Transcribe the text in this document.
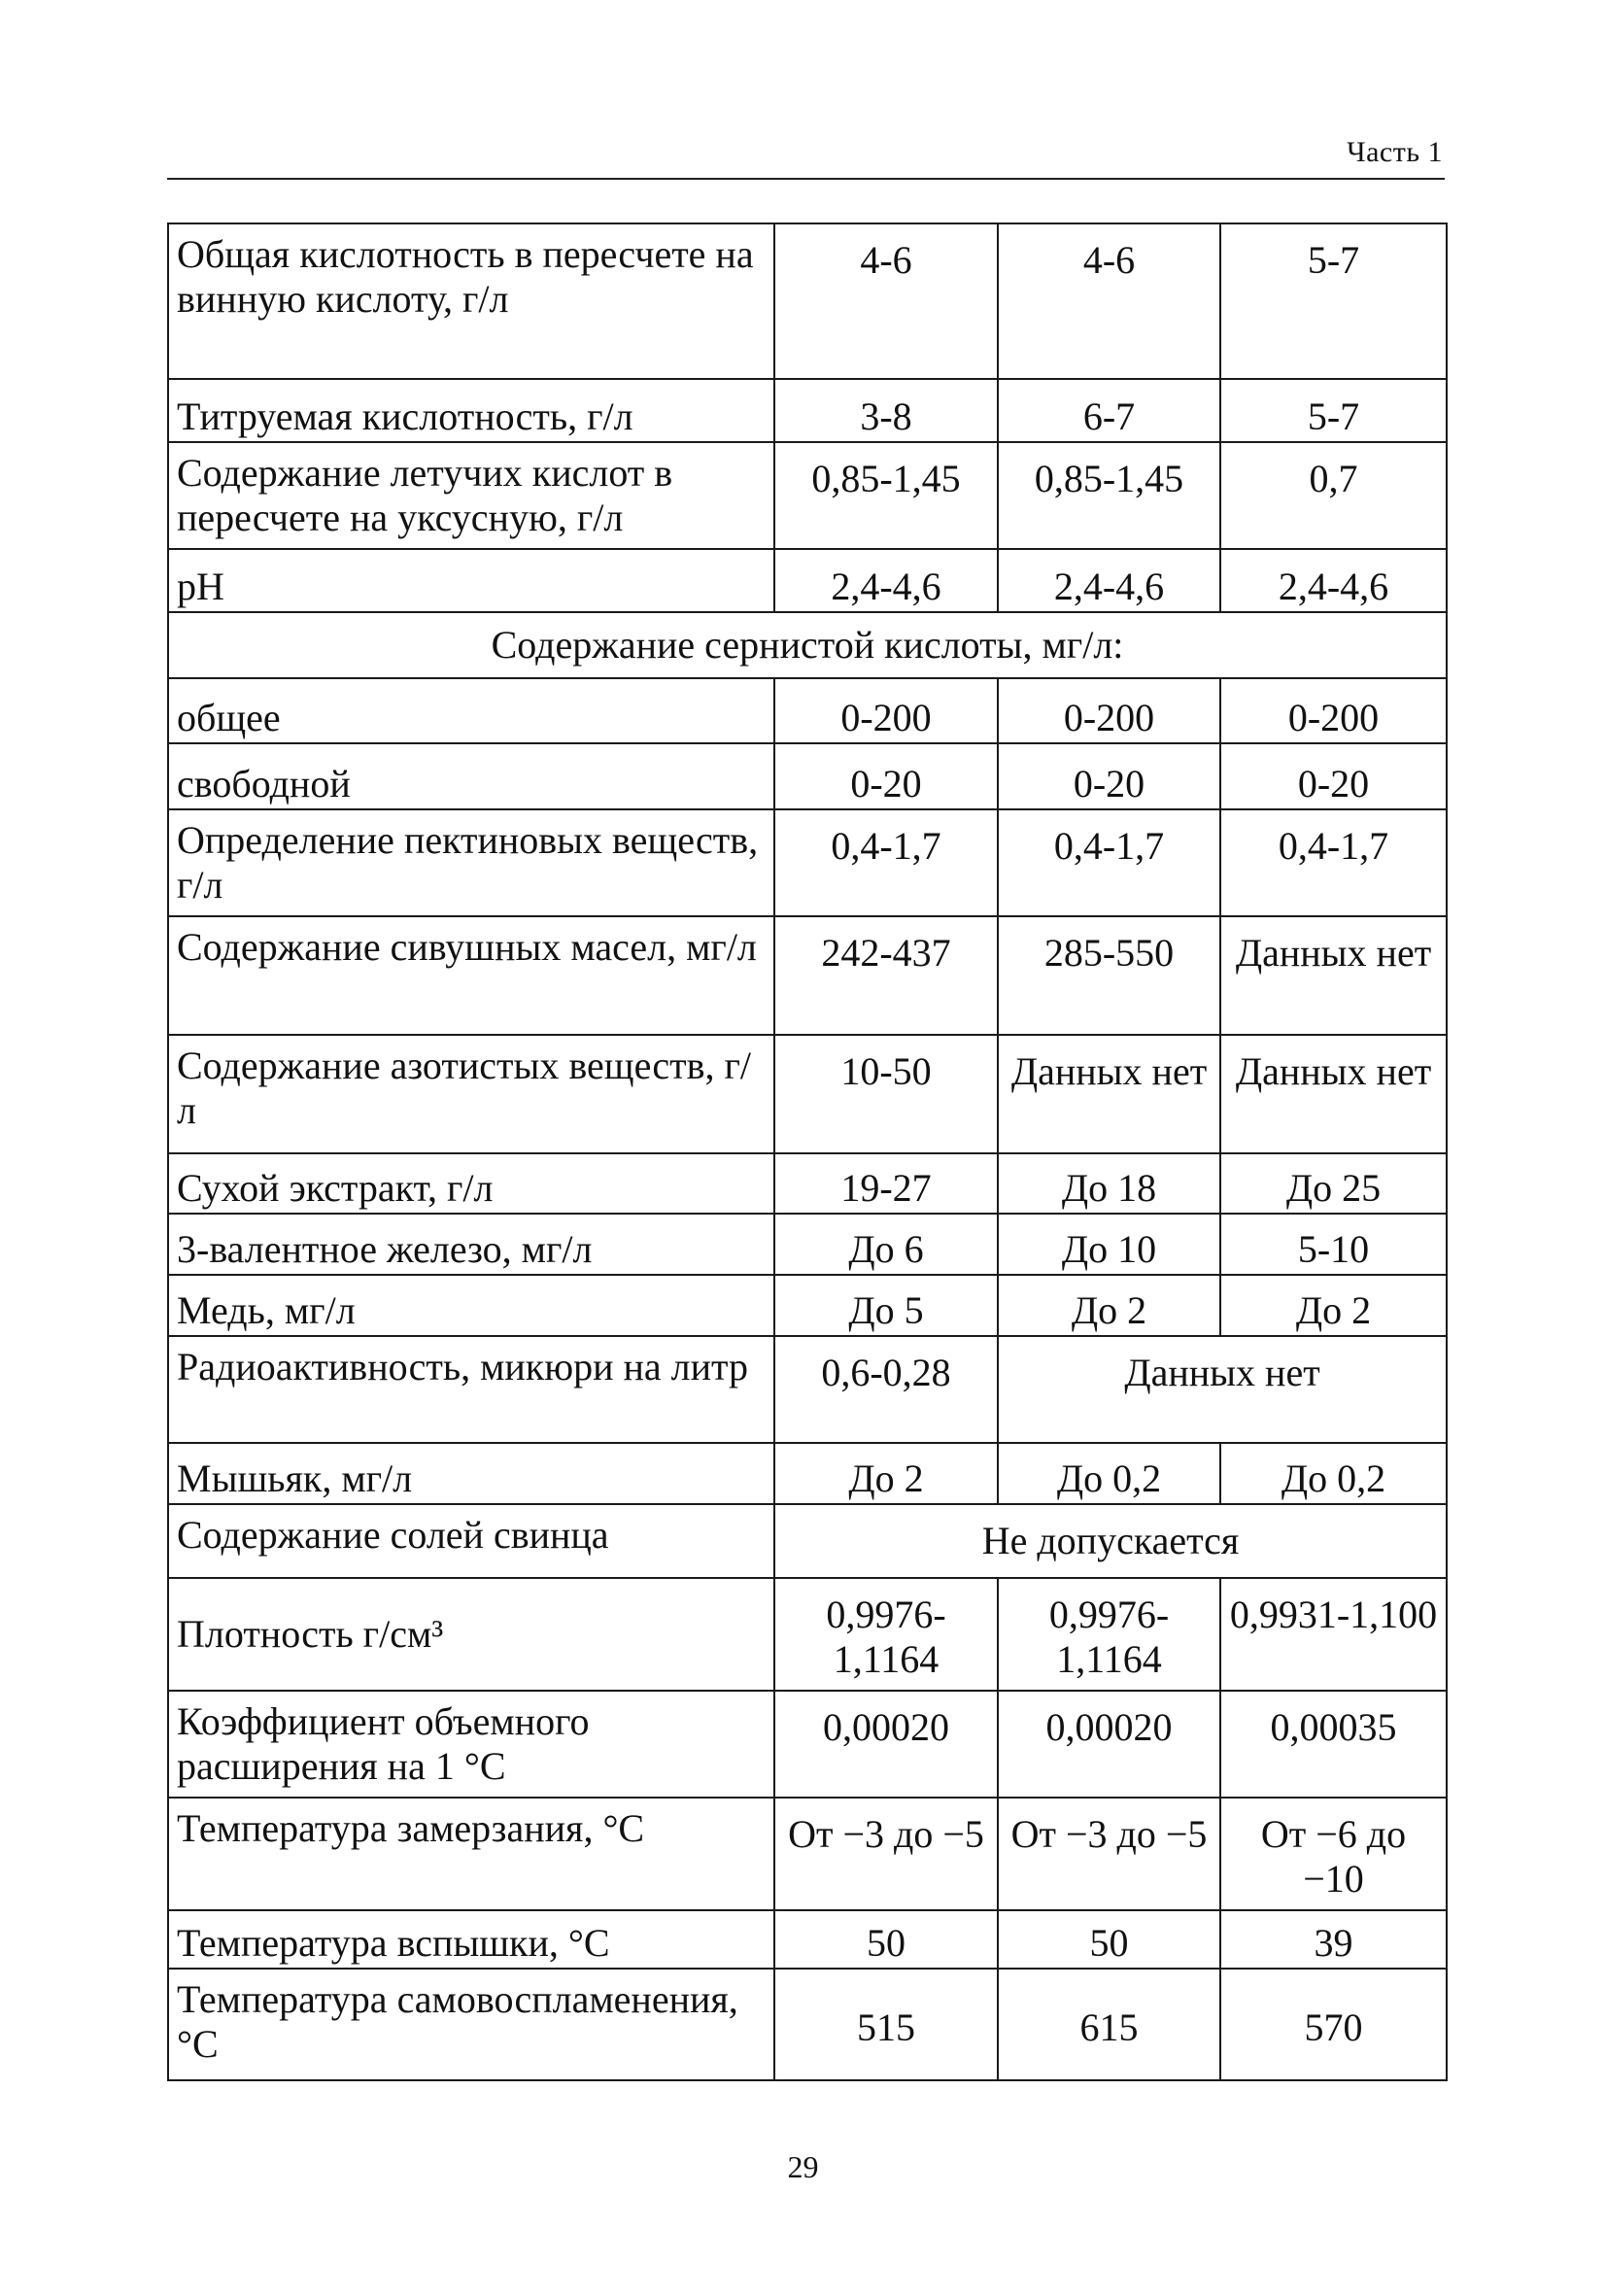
Часть 1
Общая кислотность в пересчете на винную кислоту, г/л	4-6	4-6	5-7
Титруемая кислотность, г/л	3-8	6-7	5-7
Содержание летучих кислот в пересчете на уксусную, г/л	0,85-1,45	0,85-1,45	0,7
pH	2,4-4,6	2,4-4,6	2,4-4,6
Содержание сернистой кислоты, мг/л:			
общее	0-200	0-200	0-200
свободной	0-20	0-20	0-20
Определение пектиновых веществ, г/л	0,4-1,7	0,4-1,7	0,4-1,7
Содержание сивушных масел, мг/л	242-437	285-550	Данных нет
Содержание азотистых веществ, г/л	10-50	Данных нет	Данных нет
Сухой экстракт, г/л	19-27	До 18	До 25
3-валентное железо, мг/л	До 6	До 10	5-10
Медь, мг/л	До 5	До 2	До 2
Радиоактивность, микюри на литр	0,6-0,28	Данных нет	
Мышьяк, мг/л	До 2	До 0,2	До 0,2
Содержание солей свинца	Не допускается		
Плотность г/см³	0,9976-1,1164	0,9976-1,1164	0,9931-1,100
Коэффициент объемного расширения на 1 °C	0,00020	0,00020	0,00035
Температура замерзания, °C	От −3 до −5	От −3 до −5	От −6 до −10
Температура вспышки, °C	50	50	39
Температура самовоспламенения, °C	515	615	570
29
